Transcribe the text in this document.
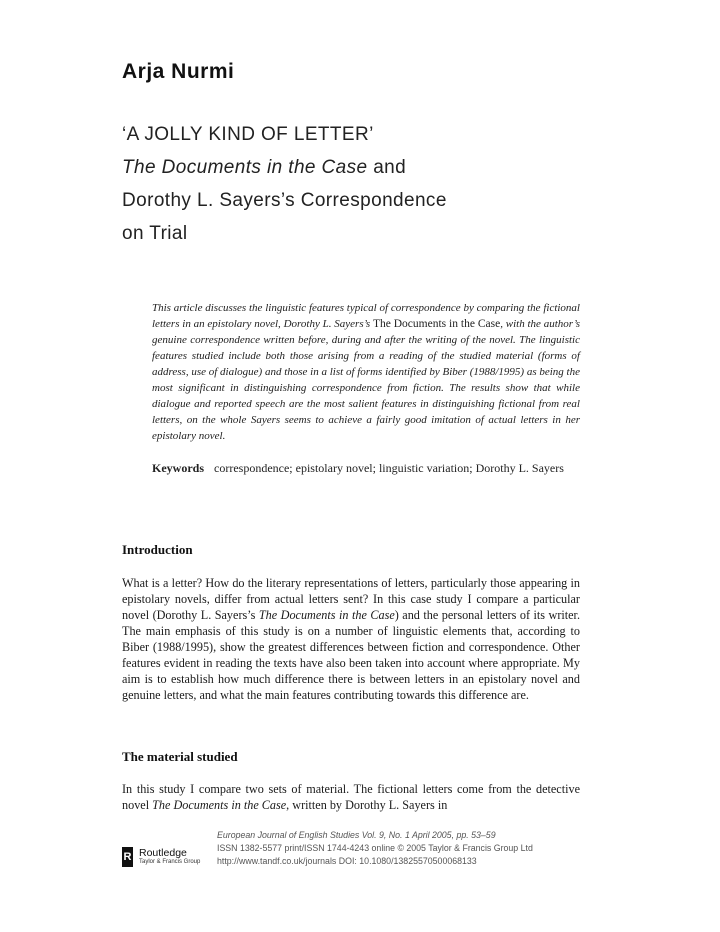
Arja Nurmi
‘A JOLLY KIND OF LETTER’
The Documents in the Case and
Dorothy L. Sayers’s Correspondence
on Trial
This article discusses the linguistic features typical of correspondence by comparing the fictional letters in an epistolary novel, Dorothy L. Sayers’s The Documents in the Case, with the author’s genuine correspondence written before, during and after the writing of the novel. The linguistic features studied include both those arising from a reading of the studied material (forms of address, use of dialogue) and those in a list of forms identified by Biber (1988/1995) as being the most significant in distinguishing correspondence from fiction. The results show that while dialogue and reported speech are the most salient features in distinguishing fictional from real letters, on the whole Sayers seems to achieve a fairly good imitation of actual letters in her epistolary novel.
Keywords correspondence; epistolary novel; linguistic variation; Dorothy L. Sayers
Introduction
What is a letter? How do the literary representations of letters, particularly those appearing in epistolary novels, differ from actual letters sent? In this case study I compare a particular novel (Dorothy L. Sayers’s The Documents in the Case) and the personal letters of its writer. The main emphasis of this study is on a number of linguistic elements that, according to Biber (1988/1995), show the greatest differences between fiction and correspondence. Other features evident in reading the texts have also been taken into account where appropriate. My aim is to establish how much difference there is between letters in an epistolary novel and genuine letters, and what the main features contributing towards this difference are.
The material studied
In this study I compare two sets of material. The fictional letters come from the detective novel The Documents in the Case, written by Dorothy L. Sayers in
R Routledge
Taylor & Francis Group
European Journal of English Studies Vol. 9, No. 1 April 2005, pp. 53–59
ISSN 1382-5577 print/ISSN 1744-4243 online © 2005 Taylor & Francis Group Ltd
http://www.tandf.co.uk/journals DOI: 10.1080/13825570500068133
